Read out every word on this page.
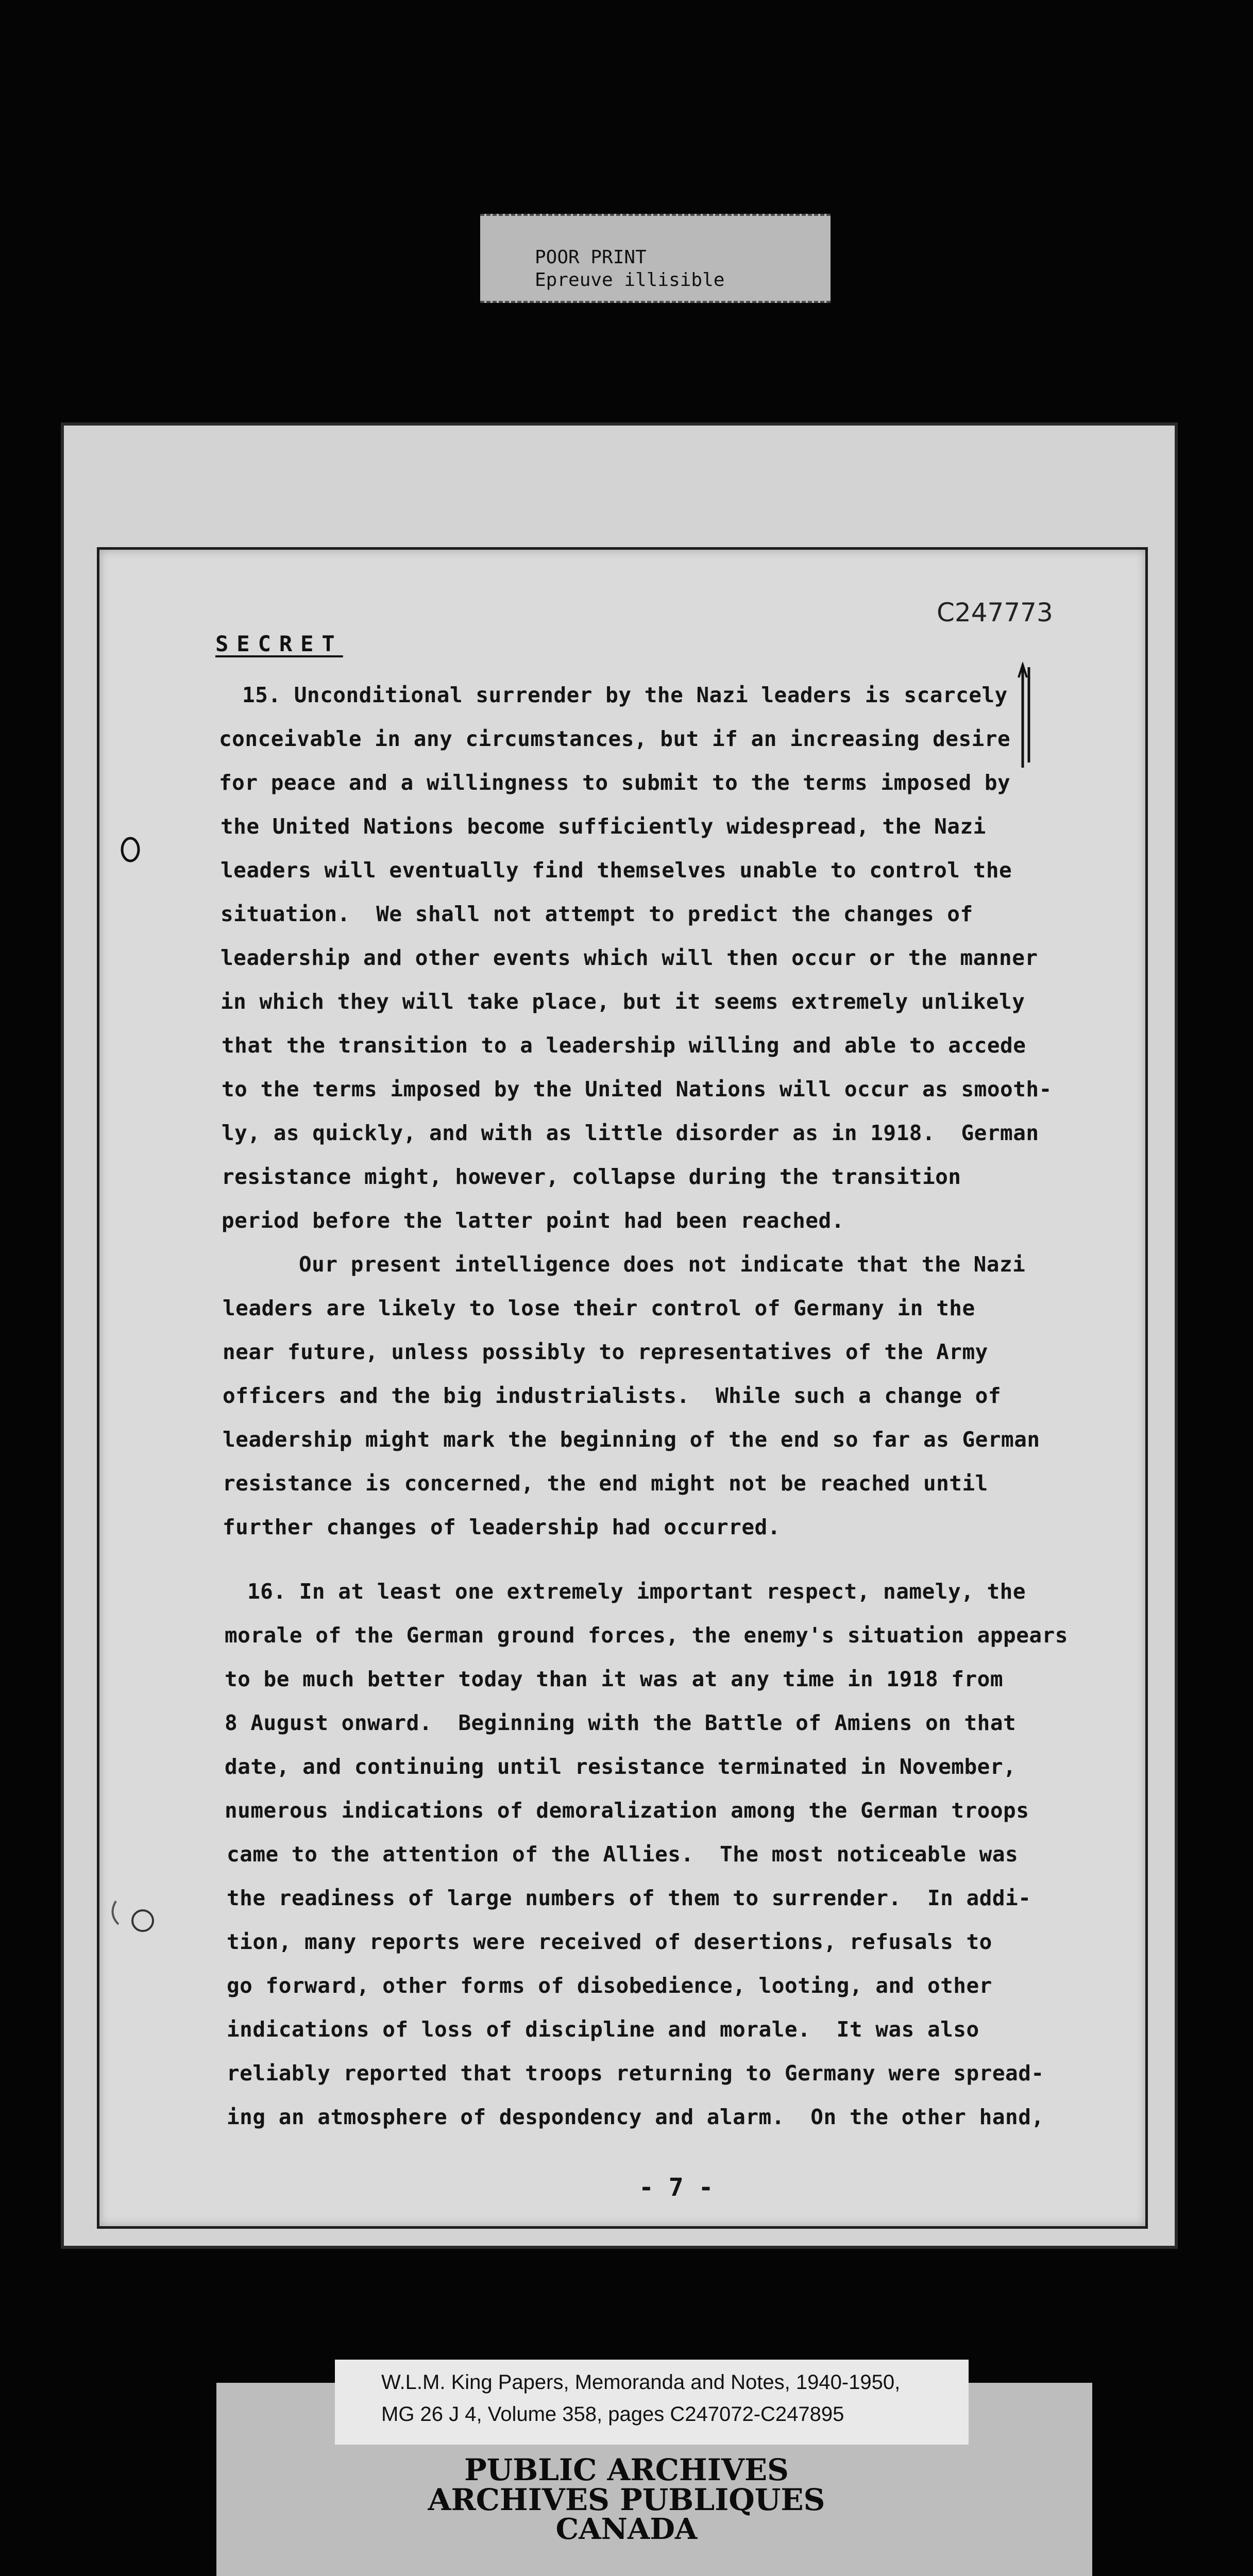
POOR PRINT
Epreuve illisible
C247773
SECRET
15. Unconditional surrender by the Nazi leaders is scarcely
conceivable in any circumstances, but if an increasing desire
for peace and a willingness to submit to the terms imposed by
the United Nations become sufficiently widespread, the Nazi
leaders will eventually find themselves unable to control the
situation.  We shall not attempt to predict the changes of
leadership and other events which will then occur or the manner
in which they will take place, but it seems extremely unlikely
that the transition to a leadership willing and able to accede
to the terms imposed by the United Nations will occur as smooth-
ly, as quickly, and with as little disorder as in 1918.  German
resistance might, however, collapse during the transition
period before the latter point had been reached.
Our present intelligence does not indicate that the Nazi
leaders are likely to lose their control of Germany in the
near future, unless possibly to representatives of the Army
officers and the big industrialists.  While such a change of
leadership might mark the beginning of the end so far as German
resistance is concerned, the end might not be reached until
further changes of leadership had occurred.
16. In at least one extremely important respect, namely, the
morale of the German ground forces, the enemy's situation appears
to be much better today than it was at any time in 1918 from
8 August onward.  Beginning with the Battle of Amiens on that
date, and continuing until resistance terminated in November,
numerous indications of demoralization among the German troops
came to the attention of the Allies.  The most noticeable was
the readiness of large numbers of them to surrender.  In addi-
tion, many reports were received of desertions, refusals to
go forward, other forms of disobedience, looting, and other
indications of loss of discipline and morale.  It was also
reliably reported that troops returning to Germany were spread-
ing an atmosphere of despondency and alarm.  On the other hand,
- 7 -
W.L.M. King Papers, Memoranda and Notes, 1940-1950,
MG 26 J 4, Volume 358, pages C247072-C247895
PUBLIC ARCHIVES
ARCHIVES PUBLIQUES
CANADA
